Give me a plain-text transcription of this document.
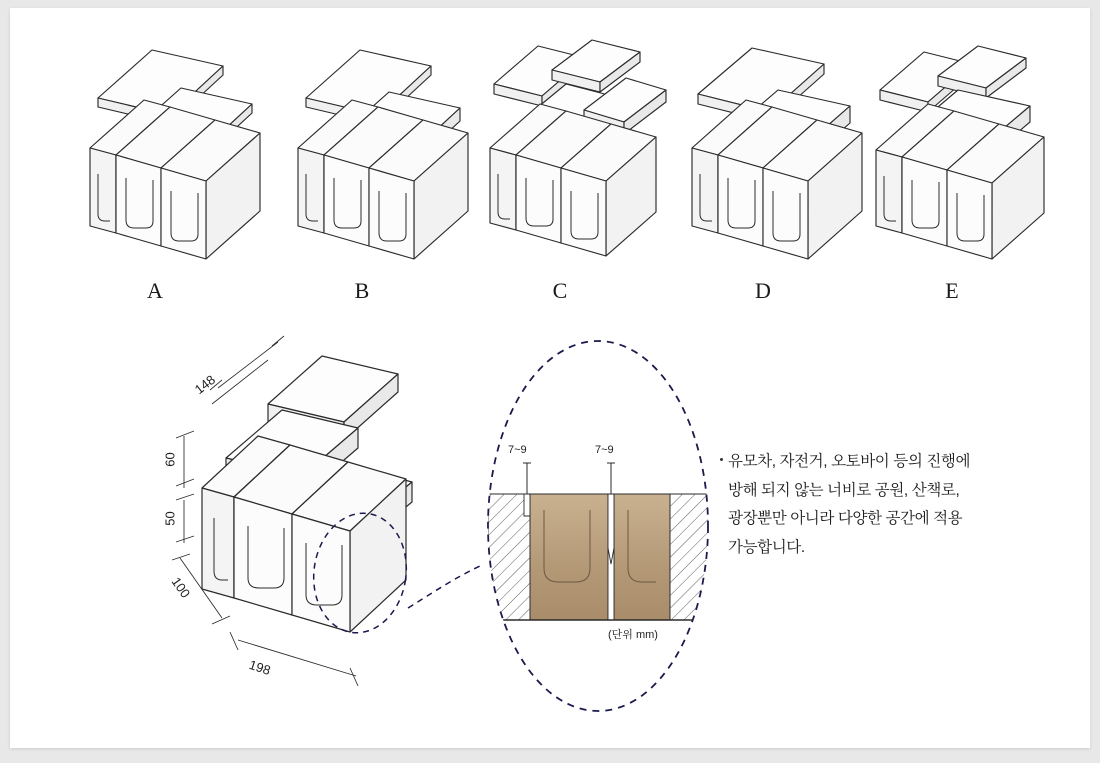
A	B	C	D	E
148
60
50
100
198
7~9	7~9
(단위 mm)
유모차, 자전거, 오토바이 등의 진행에
방해 되지 않는 너비로 공원, 산책로,
광장뿐만 아니라 다양한 공간에 적용
가능합니다.
